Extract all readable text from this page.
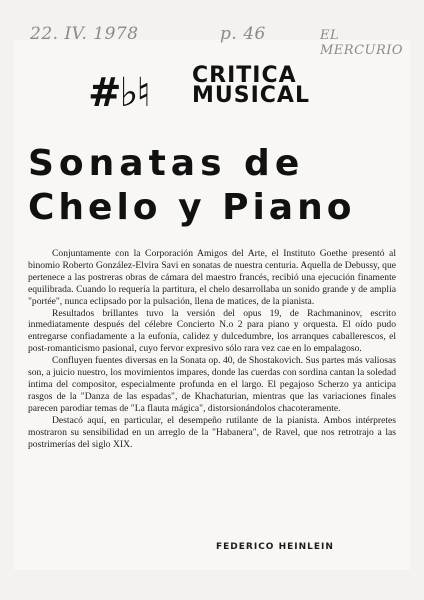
22. IV. 1978	p. 46	EL MERCURIO
#♭♮ CRITICA
MUSICAL
Sonatas de
Chelo y Piano

Conjuntamente con la Corporación Amigos del Arte, el Instituto Goethe presentó al binomio Roberto González-Elvira Savi en sonatas de nuestra centuria. Aquella de Debussy, que pertenece a las postreras obras de cámara del maestro francés, recibió una ejecución finamente equilibrada. Cuando lo requería la partitura, el chelo desarrollaba un sonido grande y de amplia "portée", nunca eclipsado por la pulsación, llena de matices, de la pianista.

Resultados brillantes tuvo la versión del opus 19, de Rachmaninov, escrito inmediatamente después del célebre Concierto N.o 2 para piano y orquesta. El oído pudo entregarse confiadamente a la eufonía, calidez y dulcedumbre, los arranques caballerescos, el post-romanticismo pasional, cuyo fervor expresivo sólo rara vez cae en lo empalagoso.

Confluyen fuentes diversas en la Sonata op. 40, de Shostakovich. Sus partes más valiosas son, a juicio nuestro, los movimientos impares, donde las cuerdas con sordina cantan la soledad íntima del compositor, especialmente profunda en el largo. El pegajoso Scherzo ya anticipa rasgos de la "Danza de las espadas", de Khachaturian, mientras que las variaciones finales parecen parodiar temas de "La flauta mágica", distorsionándolos chacoteramente.

Destacó aquí, en particular, el desempeño rutilante de la pianista. Ambos intérpretes mostraron su sensibilidad en un arreglo de la "Habanera", de Ravel, que nos retrotrajo a las postrimerías del siglo XIX.

FEDERICO HEINLEIN
